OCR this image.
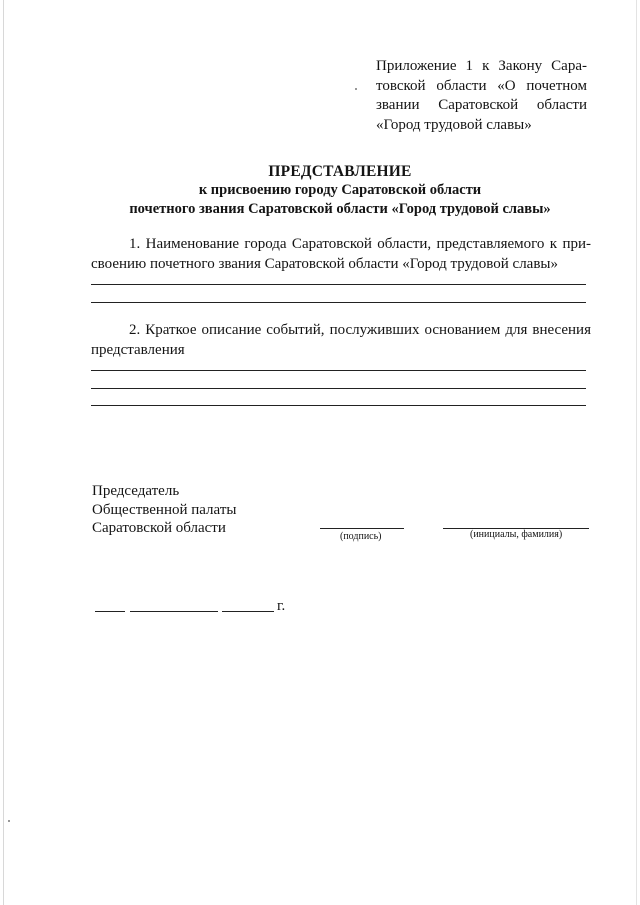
Приложение 1 к Закону Сара-
товской области «О почетном
звании Саратовской области
«Город трудовой славы»
ПРЕДСТАВЛЕНИЕ
к присвоению городу Саратовской области
почетного звания Саратовской области «Город трудовой славы»
1. Наименование города Саратовской области, представляемого к при-
своению почетного звания Саратовской области «Город трудовой славы»
2. Краткое описание событий, послуживших основанием для внесения
представления
Председатель
Общественной палаты
Саратовской области
(подпись)	(инициалы, фамилия)
г.
